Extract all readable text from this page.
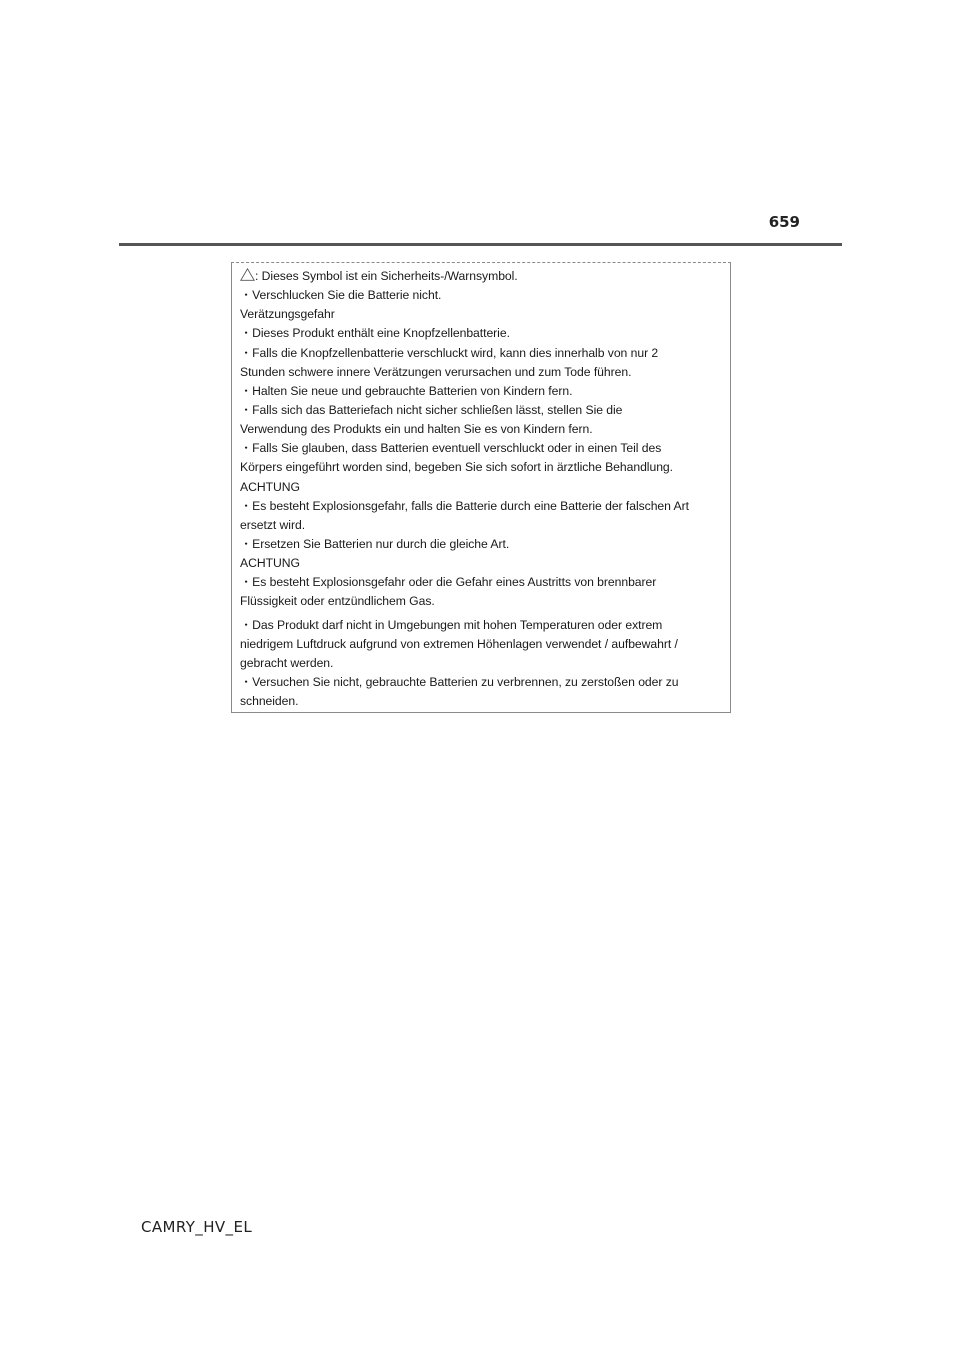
659
: Dieses Symbol ist ein Sicherheits-/Warnsymbol.
・Verschlucken Sie die Batterie nicht.
Verätzungsgefahr
・Dieses Produkt enthält eine Knopfzellenbatterie.
・Falls die Knopfzellenbatterie verschluckt wird, kann dies innerhalb von nur 2
Stunden schwere innere Verätzungen verursachen und zum Tode führen.
・Halten Sie neue und gebrauchte Batterien von Kindern fern.
・Falls sich das Batteriefach nicht sicher schließen lässt, stellen Sie die
Verwendung des Produkts ein und halten Sie es von Kindern fern.
・Falls Sie glauben, dass Batterien eventuell verschluckt oder in einen Teil des
Körpers eingeführt worden sind, begeben Sie sich sofort in ärztliche Behandlung.
ACHTUNG
・Es besteht Explosionsgefahr, falls die Batterie durch eine Batterie der falschen Art
ersetzt wird.
・Ersetzen Sie Batterien nur durch die gleiche Art.
ACHTUNG
・Es besteht Explosionsgefahr oder die Gefahr eines Austritts von brennbarer
Flüssigkeit oder entzündlichem Gas.
・Das Produkt darf nicht in Umgebungen mit hohen Temperaturen oder extrem
niedrigem Luftdruck aufgrund von extremen Höhenlagen verwendet / aufbewahrt /
gebracht werden.
・Versuchen Sie nicht, gebrauchte Batterien zu verbrennen, zu zerstoßen oder zu
schneiden.
CAMRY_HV_EL
